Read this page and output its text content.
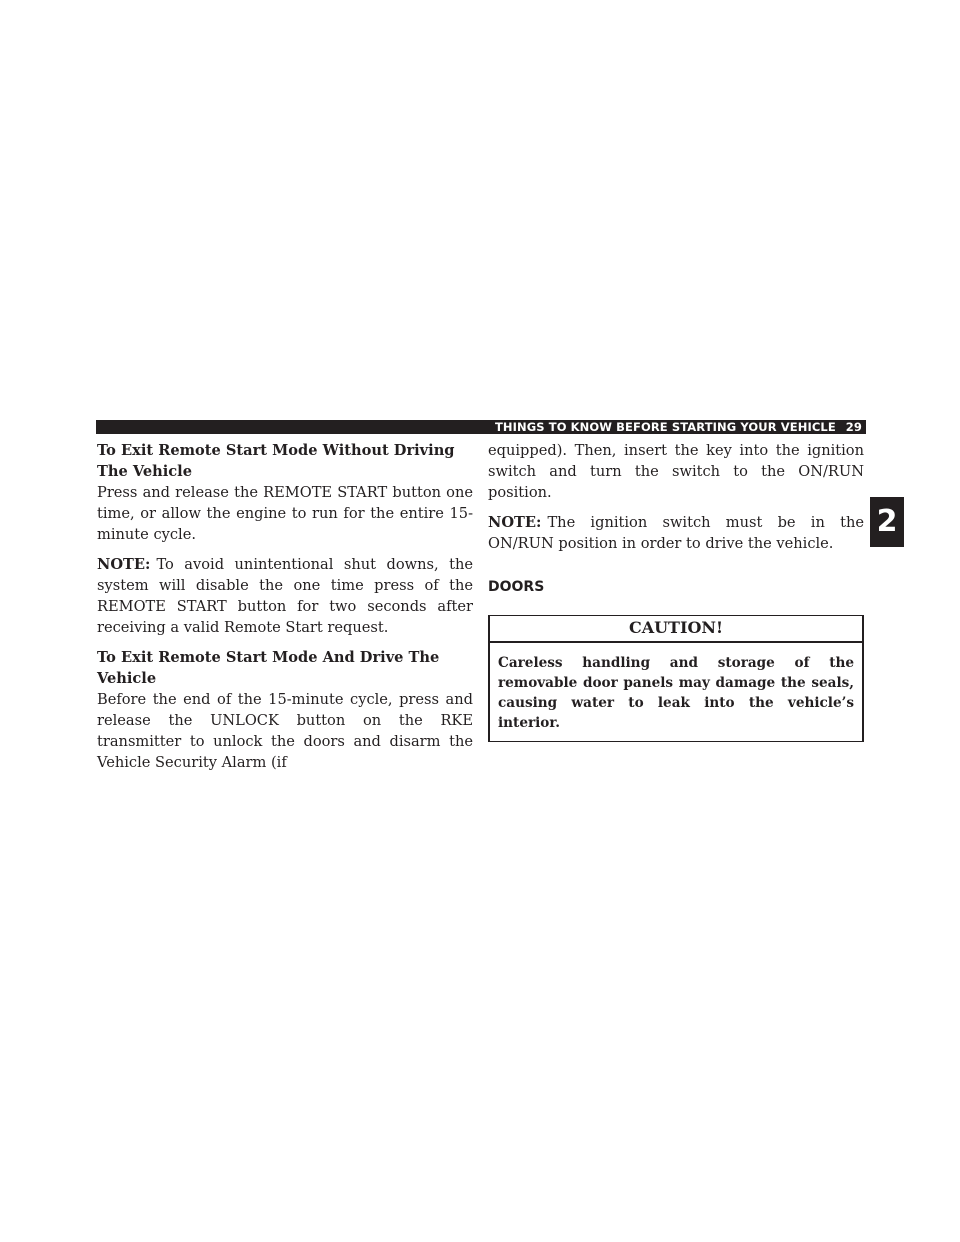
THINGS TO KNOW BEFORE STARTING YOUR VEHICLE 29
2

To Exit Remote Start Mode Without Driving The Vehicle

Press and release the REMOTE START button one time, or allow the engine to run for the entire 15-minute cycle.

NOTE: To avoid unintentional shut downs, the system will disable the one time press of the REMOTE START button for two seconds after receiving a valid Remote Start request.

To Exit Remote Start Mode And Drive The Vehicle

Before the end of the 15-minute cycle, press and release the UNLOCK button on the RKE transmitter to unlock the doors and disarm the Vehicle Security Alarm (if

equipped). Then, insert the key into the ignition switch and turn the switch to the ON/RUN position.

NOTE: The ignition switch must be in the ON/RUN position in order to drive the vehicle.

DOORS
CAUTION!
Careless handling and storage of the removable door panels may damage the seals, causing water to leak into the vehicle’s interior.
